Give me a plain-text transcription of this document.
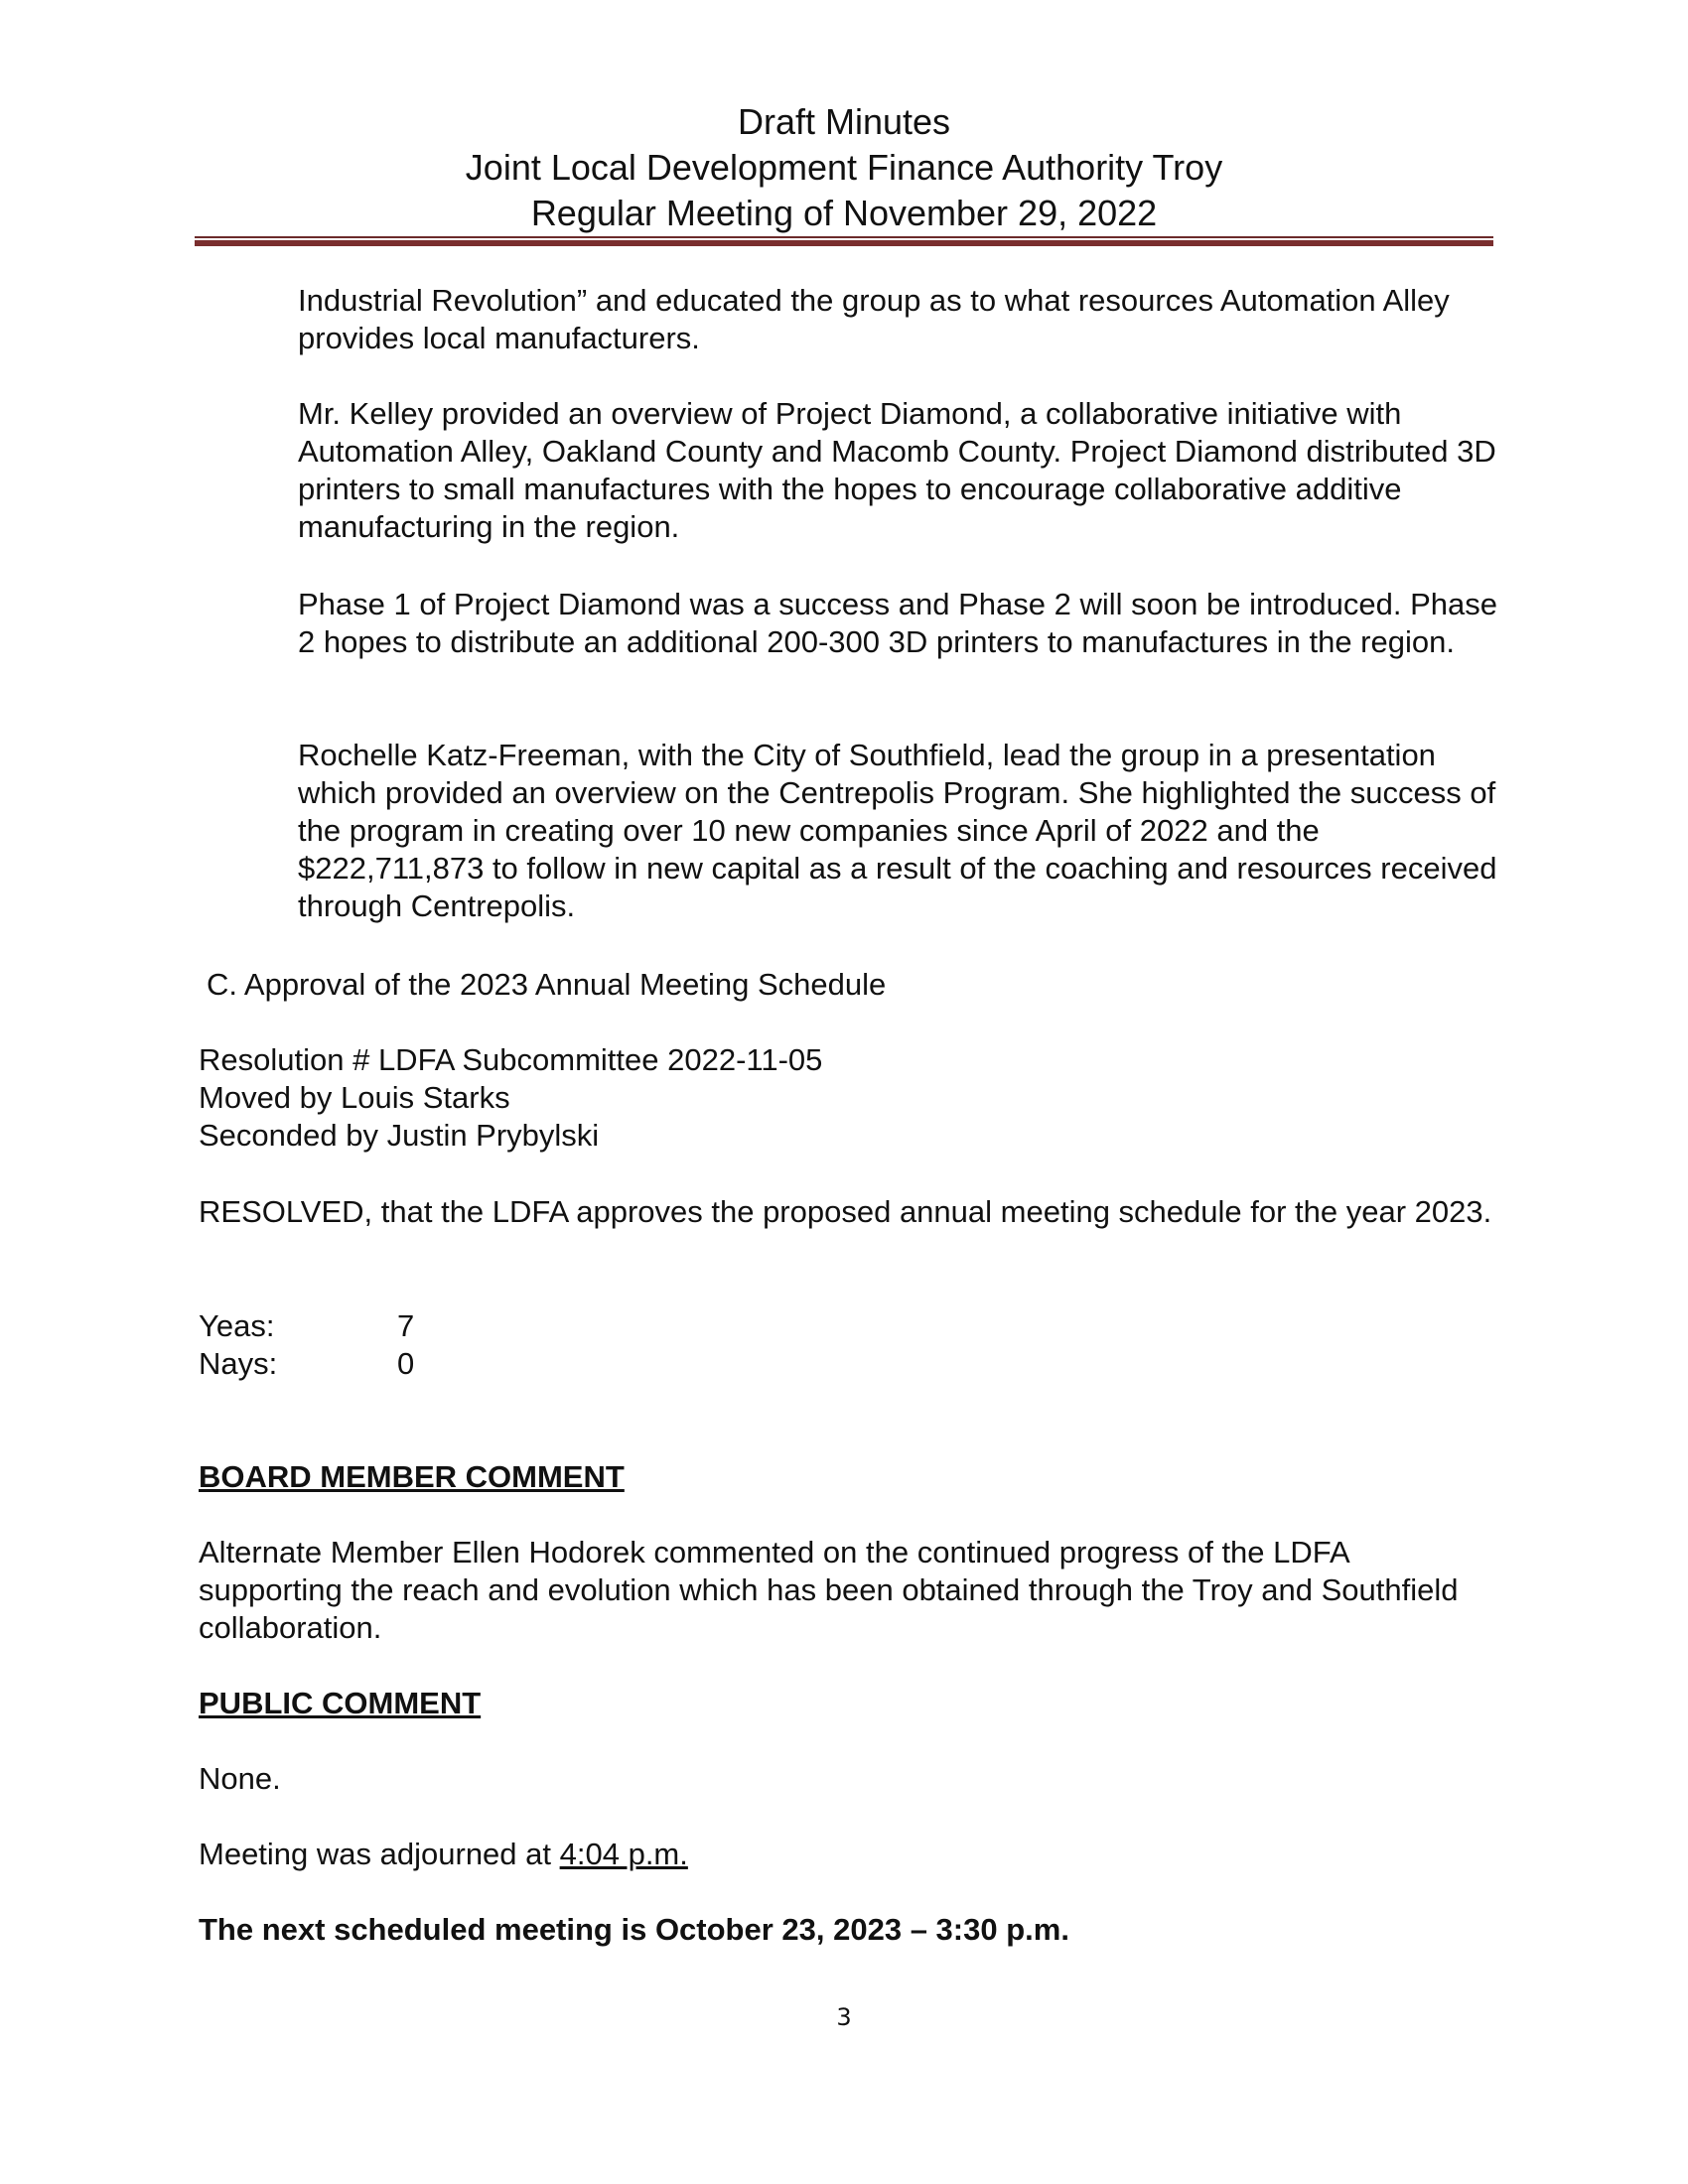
Draft Minutes
Joint Local Development Finance Authority Troy
Regular Meeting of November 29, 2022

Industrial Revolution” and educated the group as to what resources Automation Alley provides local manufacturers.

Mr. Kelley provided an overview of Project Diamond, a collaborative initiative with Automation Alley, Oakland County and Macomb County. Project Diamond distributed 3D printers to small manufactures with the hopes to encourage collaborative additive manufacturing in the region.

Phase 1 of Project Diamond was a success and Phase 2 will soon be introduced. Phase 2 hopes to distribute an additional 200-300 3D printers to manufactures in the region.

Rochelle Katz-Freeman, with the City of Southfield, lead the group in a presentation which provided an overview on the Centrepolis Program. She highlighted the success of the program in creating over 10 new companies since April of 2022 and the $222,711,873 to follow in new capital as a result of the coaching and resources received through Centrepolis.

C. Approval of the 2023 Annual Meeting Schedule

Resolution # LDFA Subcommittee 2022-11-05
Moved by Louis Starks
Seconded by Justin Prybylski

RESOLVED, that the LDFA approves the proposed annual meeting schedule for the year 2023.

Yeas:	7
Nays:	0
BOARD MEMBER COMMENT

Alternate Member Ellen Hodorek commented on the continued progress of the LDFA supporting the reach and evolution which has been obtained through the Troy and Southfield collaboration.

PUBLIC COMMENT

None.

Meeting was adjourned at 4:04 p.m.

The next scheduled meeting is October 23, 2023 – 3:30 p.m.

3
